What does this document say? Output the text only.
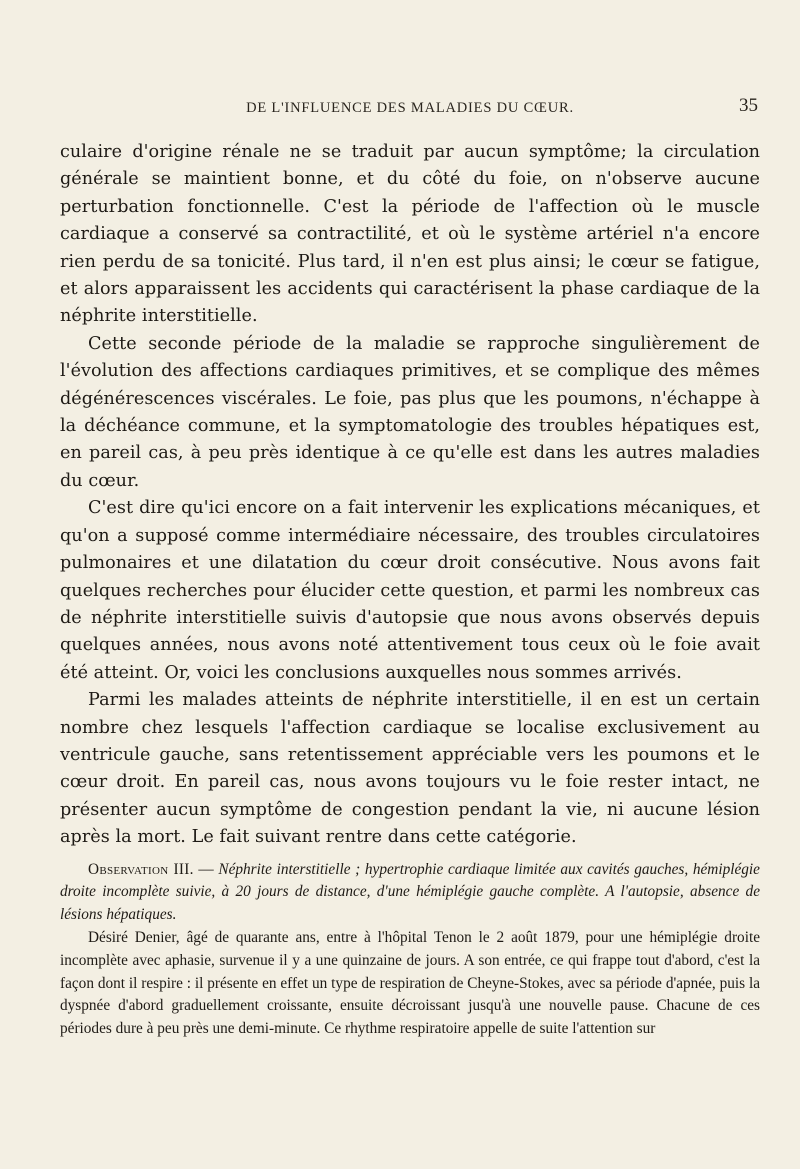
DE L'INFLUENCE DES MALADIES DU CŒUR.	35

culaire d'origine rénale ne se traduit par aucun symptôme; la circulation générale se maintient bonne, et du côté du foie, on n'observe aucune perturbation fonctionnelle. C'est la période de l'affection où le muscle cardiaque a conservé sa contractilité, et où le système artériel n'a encore rien perdu de sa tonicité. Plus tard, il n'en est plus ainsi; le cœur se fatigue, et alors apparaissent les accidents qui caractérisent la phase cardiaque de la néphrite interstitielle.

Cette seconde période de la maladie se rapproche singulièrement de l'évolution des affections cardiaques primitives, et se complique des mêmes dégénérescences viscérales. Le foie, pas plus que les poumons, n'échappe à la déchéance commune, et la symptomatologie des troubles hépatiques est, en pareil cas, à peu près identique à ce qu'elle est dans les autres maladies du cœur.

C'est dire qu'ici encore on a fait intervenir les explications mécaniques, et qu'on a supposé comme intermédiaire nécessaire, des troubles circulatoires pulmonaires et une dilatation du cœur droit consécutive. Nous avons fait quelques recherches pour élucider cette question, et parmi les nombreux cas de néphrite interstitielle suivis d'autopsie que nous avons observés depuis quelques années, nous avons noté attentivement tous ceux où le foie avait été atteint. Or, voici les conclusions auxquelles nous sommes arrivés.

Parmi les malades atteints de néphrite interstitielle, il en est un certain nombre chez lesquels l'affection cardiaque se localise exclusivement au ventricule gauche, sans retentissement appréciable vers les poumons et le cœur droit. En pareil cas, nous avons toujours vu le foie rester intact, ne présenter aucun symptôme de congestion pendant la vie, ni aucune lésion après la mort. Le fait suivant rentre dans cette catégorie.

Observation III. — Néphrite interstitielle ; hypertrophie cardiaque limitée aux cavités gauches, hémiplégie droite incomplète suivie, à 20 jours de distance, d'une hémiplégie gauche complète. A l'autopsie, absence de lésions hépatiques.

Désiré Denier, âgé de quarante ans, entre à l'hôpital Tenon le 2 août 1879, pour une hémiplégie droite incomplète avec aphasie, survenue il y a une quinzaine de jours. A son entrée, ce qui frappe tout d'abord, c'est la façon dont il respire : il présente en effet un type de respiration de Cheyne-Stokes, avec sa période d'apnée, puis la dyspnée d'abord graduellement croissante, ensuite décroissant jusqu'à une nouvelle pause. Chacune de ces périodes dure à peu près une demi-minute. Ce rhythme respiratoire appelle de suite l'attention sur
